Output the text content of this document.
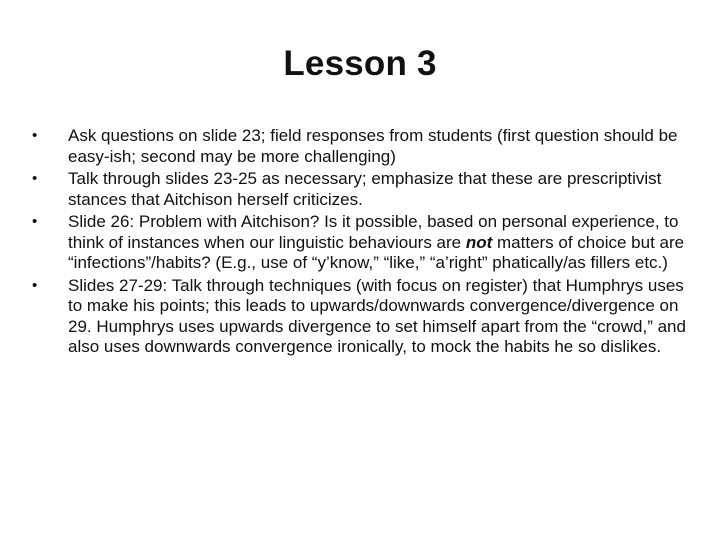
Lesson 3
•	Ask questions on slide 23; field responses from students (first question should be easy-ish; second may be more challenging)
•	Talk through slides 23-25 as necessary; emphasize that these are prescriptivist stances that Aitchison herself criticizes.
•	Slide 26: Problem with Aitchison? Is it possible, based on personal experience, to think of instances when our linguistic behaviours are not matters of choice but are “infections”/habits? (E.g., use of “y’know,” “like,” “a’right” phatically/as fillers etc.)
•	Slides 27-29: Talk through techniques (with focus on register) that Humphrys uses to make his points; this leads to upwards/downwards convergence/divergence on 29. Humphrys uses upwards divergence to set himself apart from the “crowd,” and also uses downwards convergence ironically, to mock the habits he so dislikes.
